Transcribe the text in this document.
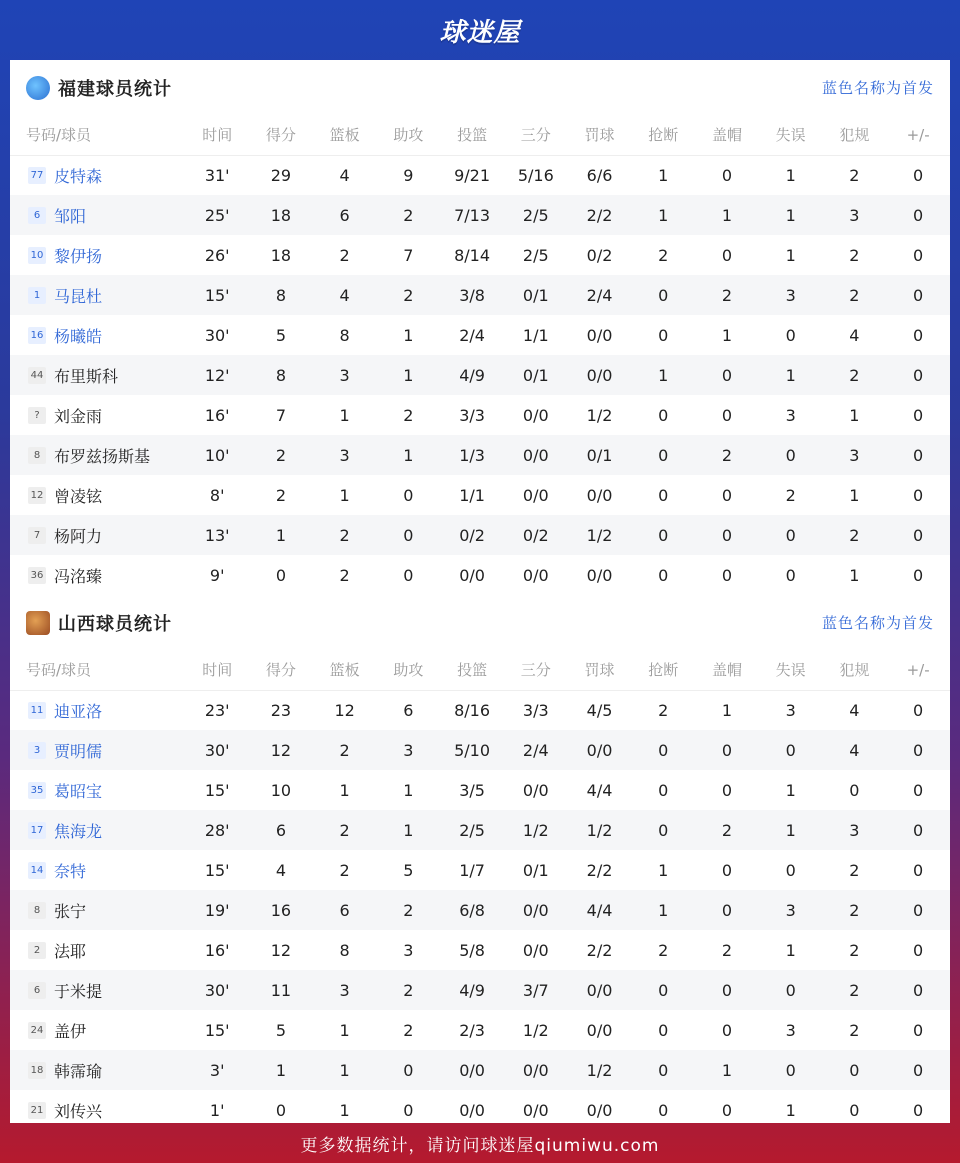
球迷屋
福建球员统计	蓝色名称为首发
号码/球员	时间	得分	篮板	助攻	投篮	三分	罚球	抢断	盖帽	失误	犯规	+/-
77 皮特森	31'	29	4	9	9/21	5/16	6/6	1	0	1	2	0
6 邹阳	25'	18	6	2	7/13	2/5	2/2	1	1	1	3	0
10 黎伊扬	26'	18	2	7	8/14	2/5	0/2	2	0	1	2	0
1 马昆杜	15'	8	4	2	3/8	0/1	2/4	0	2	3	2	0
16 杨曦皓	30'	5	8	1	2/4	1/1	0/0	0	1	0	4	0
44 布里斯科	12'	8	3	1	4/9	0/1	0/0	1	0	1	2	0
? 刘金雨	16'	7	1	2	3/3	0/0	1/2	0	0	3	1	0
8 布罗兹扬斯基	10'	2	3	1	1/3	0/0	0/1	0	2	0	3	0
12 曾凌铉	8'	2	1	0	1/1	0/0	0/0	0	0	2	1	0
7 杨阿力	13'	1	2	0	0/2	0/2	1/2	0	0	0	2	0
36 冯洺臻	9'	0	2	0	0/0	0/0	0/0	0	0	0	1	0
山西球员统计	蓝色名称为首发
号码/球员	时间	得分	篮板	助攻	投篮	三分	罚球	抢断	盖帽	失误	犯规	+/-
11 迪亚洛	23'	23	12	6	8/16	3/3	4/5	2	1	3	4	0
3 贾明儒	30'	12	2	3	5/10	2/4	0/0	0	0	0	4	0
35 葛昭宝	15'	10	1	1	3/5	0/0	4/4	0	0	1	0	0
17 焦海龙	28'	6	2	1	2/5	1/2	1/2	0	2	1	3	0
14 奈特	15'	4	2	5	1/7	0/1	2/2	1	0	0	2	0
8 张宁	19'	16	6	2	6/8	0/0	4/4	1	0	3	2	0
2 法耶	16'	12	8	3	5/8	0/0	2/2	2	2	1	2	0
6 于米提	30'	11	3	2	4/9	3/7	0/0	0	0	0	2	0
24 盖伊	15'	5	1	2	2/3	1/2	0/0	0	0	3	2	0
18 韩霈瑜	3'	1	1	0	0/0	0/0	1/2	0	1	0	0	0
21 刘传兴	1'	0	1	0	0/0	0/0	0/0	0	0	1	0	0
更多数据统计，请访问球迷屋qiumiwu.com
